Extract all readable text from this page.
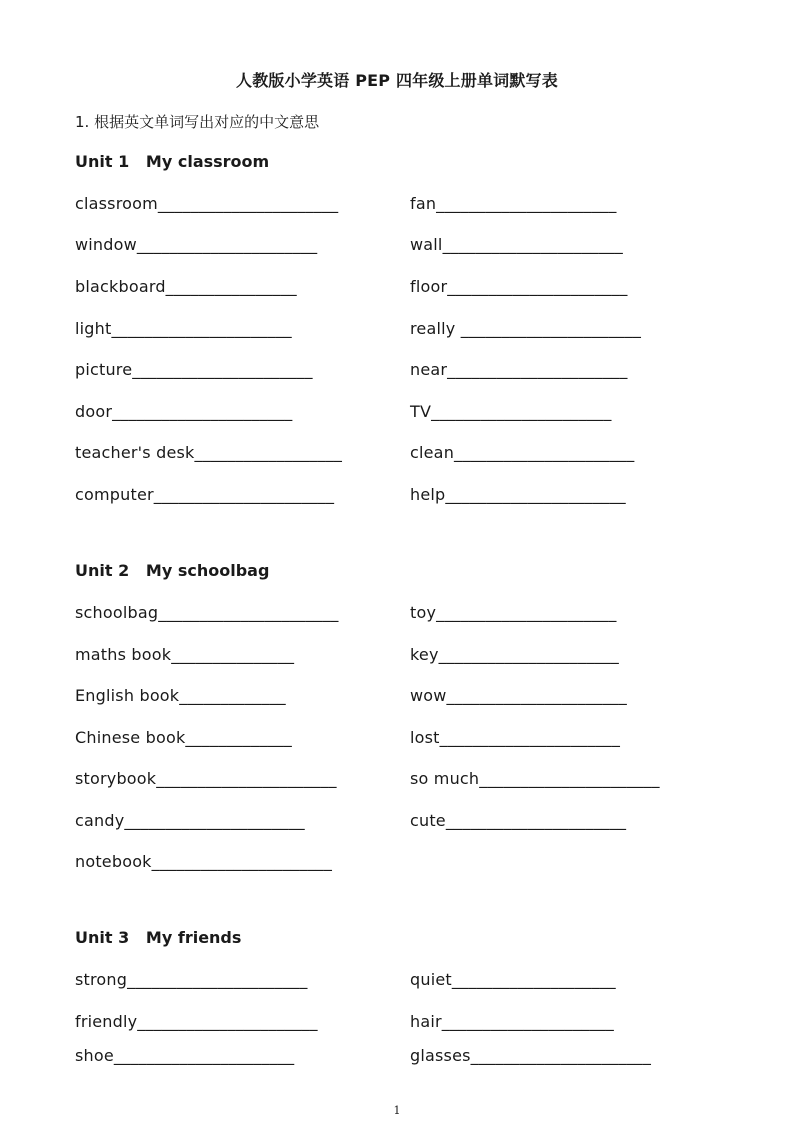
人教版小学英语 PEP 四年级上册单词默写表
1. 根据英文单词写出对应的中文意思
Unit 1   My classroom
classroom______________________	fan______________________
window______________________	wall______________________
blackboard________________	floor______________________
light______________________	really ______________________
picture______________________	near______________________
door______________________	TV______________________
teacher's desk__________________	clean______________________
computer______________________	help______________________
Unit 2   My schoolbag
schoolbag______________________	toy______________________
maths book_______________	key______________________
English book_____________	wow______________________
Chinese book_____________	lost______________________
storybook______________________	so much______________________
candy______________________	cute______________________
notebook______________________
Unit 3   My friends
strong______________________	quiet____________________
friendly______________________	hair_____________________
shoe______________________	glasses______________________
1
